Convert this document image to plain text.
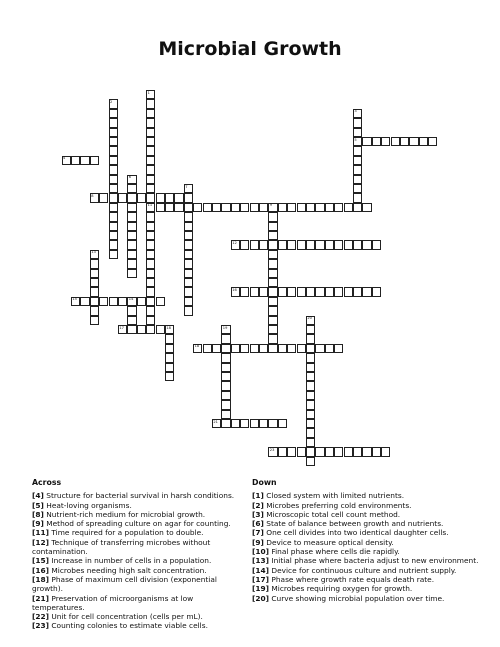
Microbial Growth
4
5
8
11	9
12
15	14
16
17	18
18
21
23
1
2
3
6
7
13
19
20
Across
[4] Structure for bacterial survival in harsh conditions.
[5] Heat-loving organisms.
[8] Nutrient-rich medium for microbial growth.
[9] Method of spreading culture on agar for counting.
[11] Time required for a population to double.
[12] Technique of transferring microbes without contamination.
[15] Increase in number of cells in a population.
[16] Microbes needing high salt concentration.
[18] Phase of maximum cell division (exponential growth).
[21] Preservation of microorganisms at low temperatures.
[22] Unit for cell concentration (cells per mL).
[23] Counting colonies to estimate viable cells.
Down
[1] Closed system with limited nutrients.
[2] Microbes preferring cold environments.
[3] Microscopic total cell count method.
[6] State of balance between growth and nutrients.
[7] One cell divides into two identical daughter cells.
[9] Device to measure optical density.
[10] Final phase where cells die rapidly.
[13] Initial phase where bacteria adjust to new environment.
[14] Device for continuous culture and nutrient supply.
[17] Phase where growth rate equals death rate.
[19] Microbes requiring oxygen for growth.
[20] Curve showing microbial population over time.
